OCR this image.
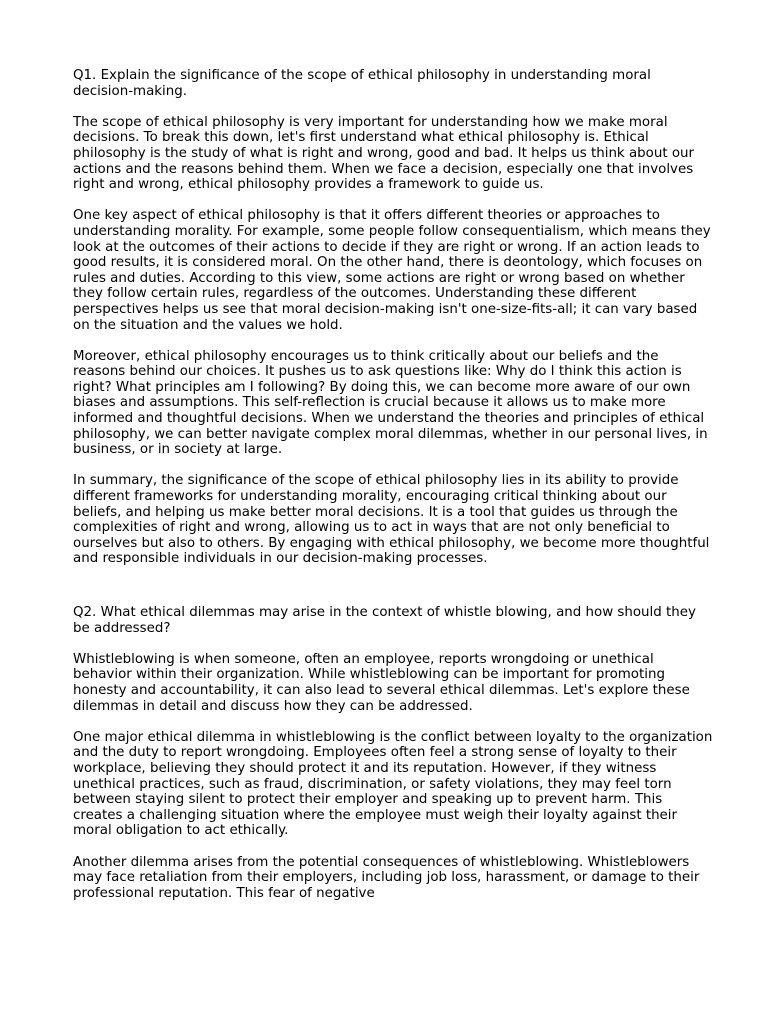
Q1. Explain the significance of the scope of ethical philosophy in understanding moral decision-making.

The scope of ethical philosophy is very important for understanding how we make moral decisions. To break this down, let's first understand what ethical philosophy is. Ethical philosophy is the study of what is right and wrong, good and bad. It helps us think about our actions and the reasons behind them. When we face a decision, especially one that involves right and wrong, ethical philosophy provides a framework to guide us.

One key aspect of ethical philosophy is that it offers different theories or approaches to understanding morality. For example, some people follow consequentialism, which means they look at the outcomes of their actions to decide if they are right or wrong. If an action leads to good results, it is considered moral. On the other hand, there is deontology, which focuses on rules and duties. According to this view, some actions are right or wrong based on whether they follow certain rules, regardless of the outcomes. Understanding these different perspectives helps us see that moral decision-making isn't one-size-fits-all; it can vary based on the situation and the values we hold.

Moreover, ethical philosophy encourages us to think critically about our beliefs and the reasons behind our choices. It pushes us to ask questions like: Why do I think this action is right? What principles am I following? By doing this, we can become more aware of our own biases and assumptions. This self-reflection is crucial because it allows us to make more informed and thoughtful decisions. When we understand the theories and principles of ethical philosophy, we can better navigate complex moral dilemmas, whether in our personal lives, in business, or in society at large.

In summary, the significance of the scope of ethical philosophy lies in its ability to provide different frameworks for understanding morality, encouraging critical thinking about our beliefs, and helping us make better moral decisions. It is a tool that guides us through the complexities of right and wrong, allowing us to act in ways that are not only beneficial to ourselves but also to others. By engaging with ethical philosophy, we become more thoughtful and responsible individuals in our decision-making processes.

Q2. What ethical dilemmas may arise in the context of whistle blowing, and how should they be addressed?

Whistleblowing is when someone, often an employee, reports wrongdoing or unethical behavior within their organization. While whistleblowing can be important for promoting honesty and accountability, it can also lead to several ethical dilemmas. Let's explore these dilemmas in detail and discuss how they can be addressed.

One major ethical dilemma in whistleblowing is the conflict between loyalty to the organization and the duty to report wrongdoing. Employees often feel a strong sense of loyalty to their workplace, believing they should protect it and its reputation. However, if they witness unethical practices, such as fraud, discrimination, or safety violations, they may feel torn between staying silent to protect their employer and speaking up to prevent harm. This creates a challenging situation where the employee must weigh their loyalty against their moral obligation to act ethically.

Another dilemma arises from the potential consequences of whistleblowing. Whistleblowers may face retaliation from their employers, including job loss, harassment, or damage to their professional reputation. This fear of negative
